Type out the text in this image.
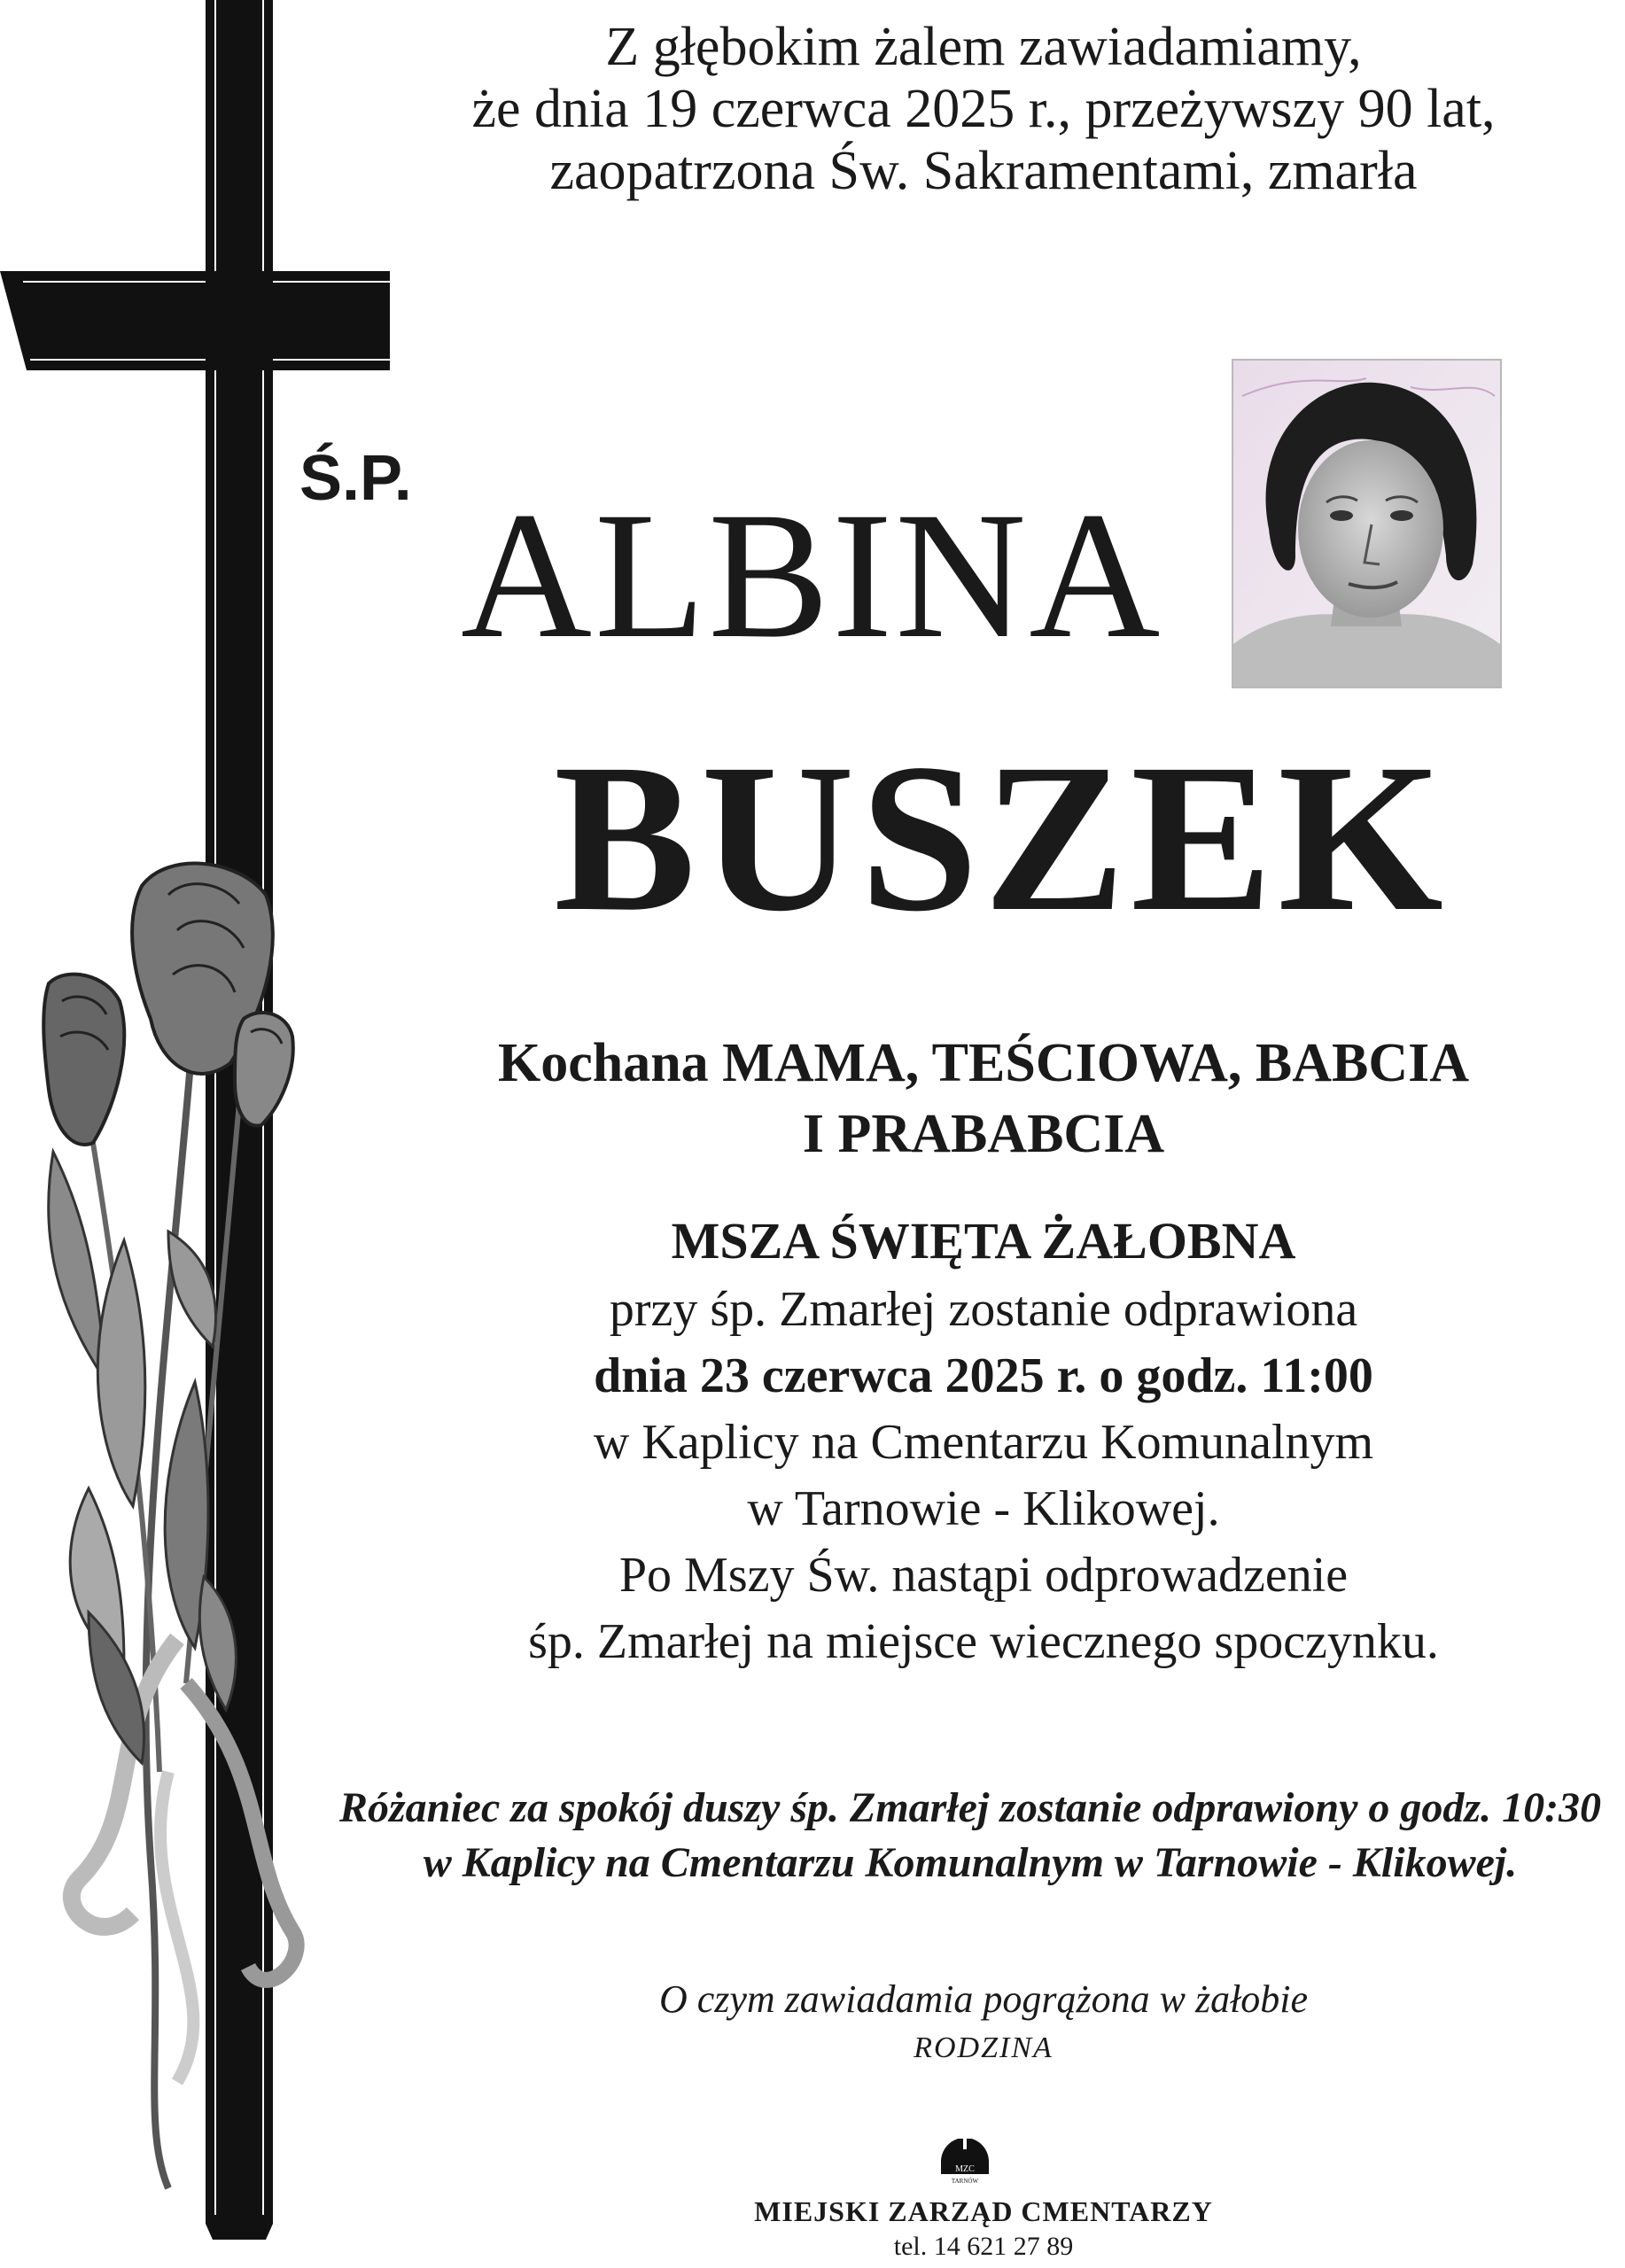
Z głębokim żalem zawiadamiamy,
że dnia 19 czerwca 2025 r., przeżywszy 90 lat,
zaopatrzona Św. Sakramentami, zmarła
Ś.P. ALBINA
BUSZEK
Kochana MAMA, TEŚCIOWA, BABCIA
I PRABABCIA
MSZA ŚWIĘTA ŻAŁOBNA
przy śp. Zmarłej zostanie odprawiona
dnia 23 czerwca 2025 r. o godz. 11:00
w Kaplicy na Cmentarzu Komunalnym
w Tarnowie - Klikowej.
Po Mszy Św. nastąpi odprowadzenie
śp. Zmarłej na miejsce wiecznego spoczynku.
Różaniec za spokój duszy śp. Zmarłej zostanie odprawiony o godz. 10:30
w Kaplicy na Cmentarzu Komunalnym w Tarnowie - Klikowej.
O czym zawiadamia pogrążona w żałobie
RODZINA
MZC
TARNÓW
MIEJSKI ZARZĄD CMENTARZY
tel. 14 621 27 89
